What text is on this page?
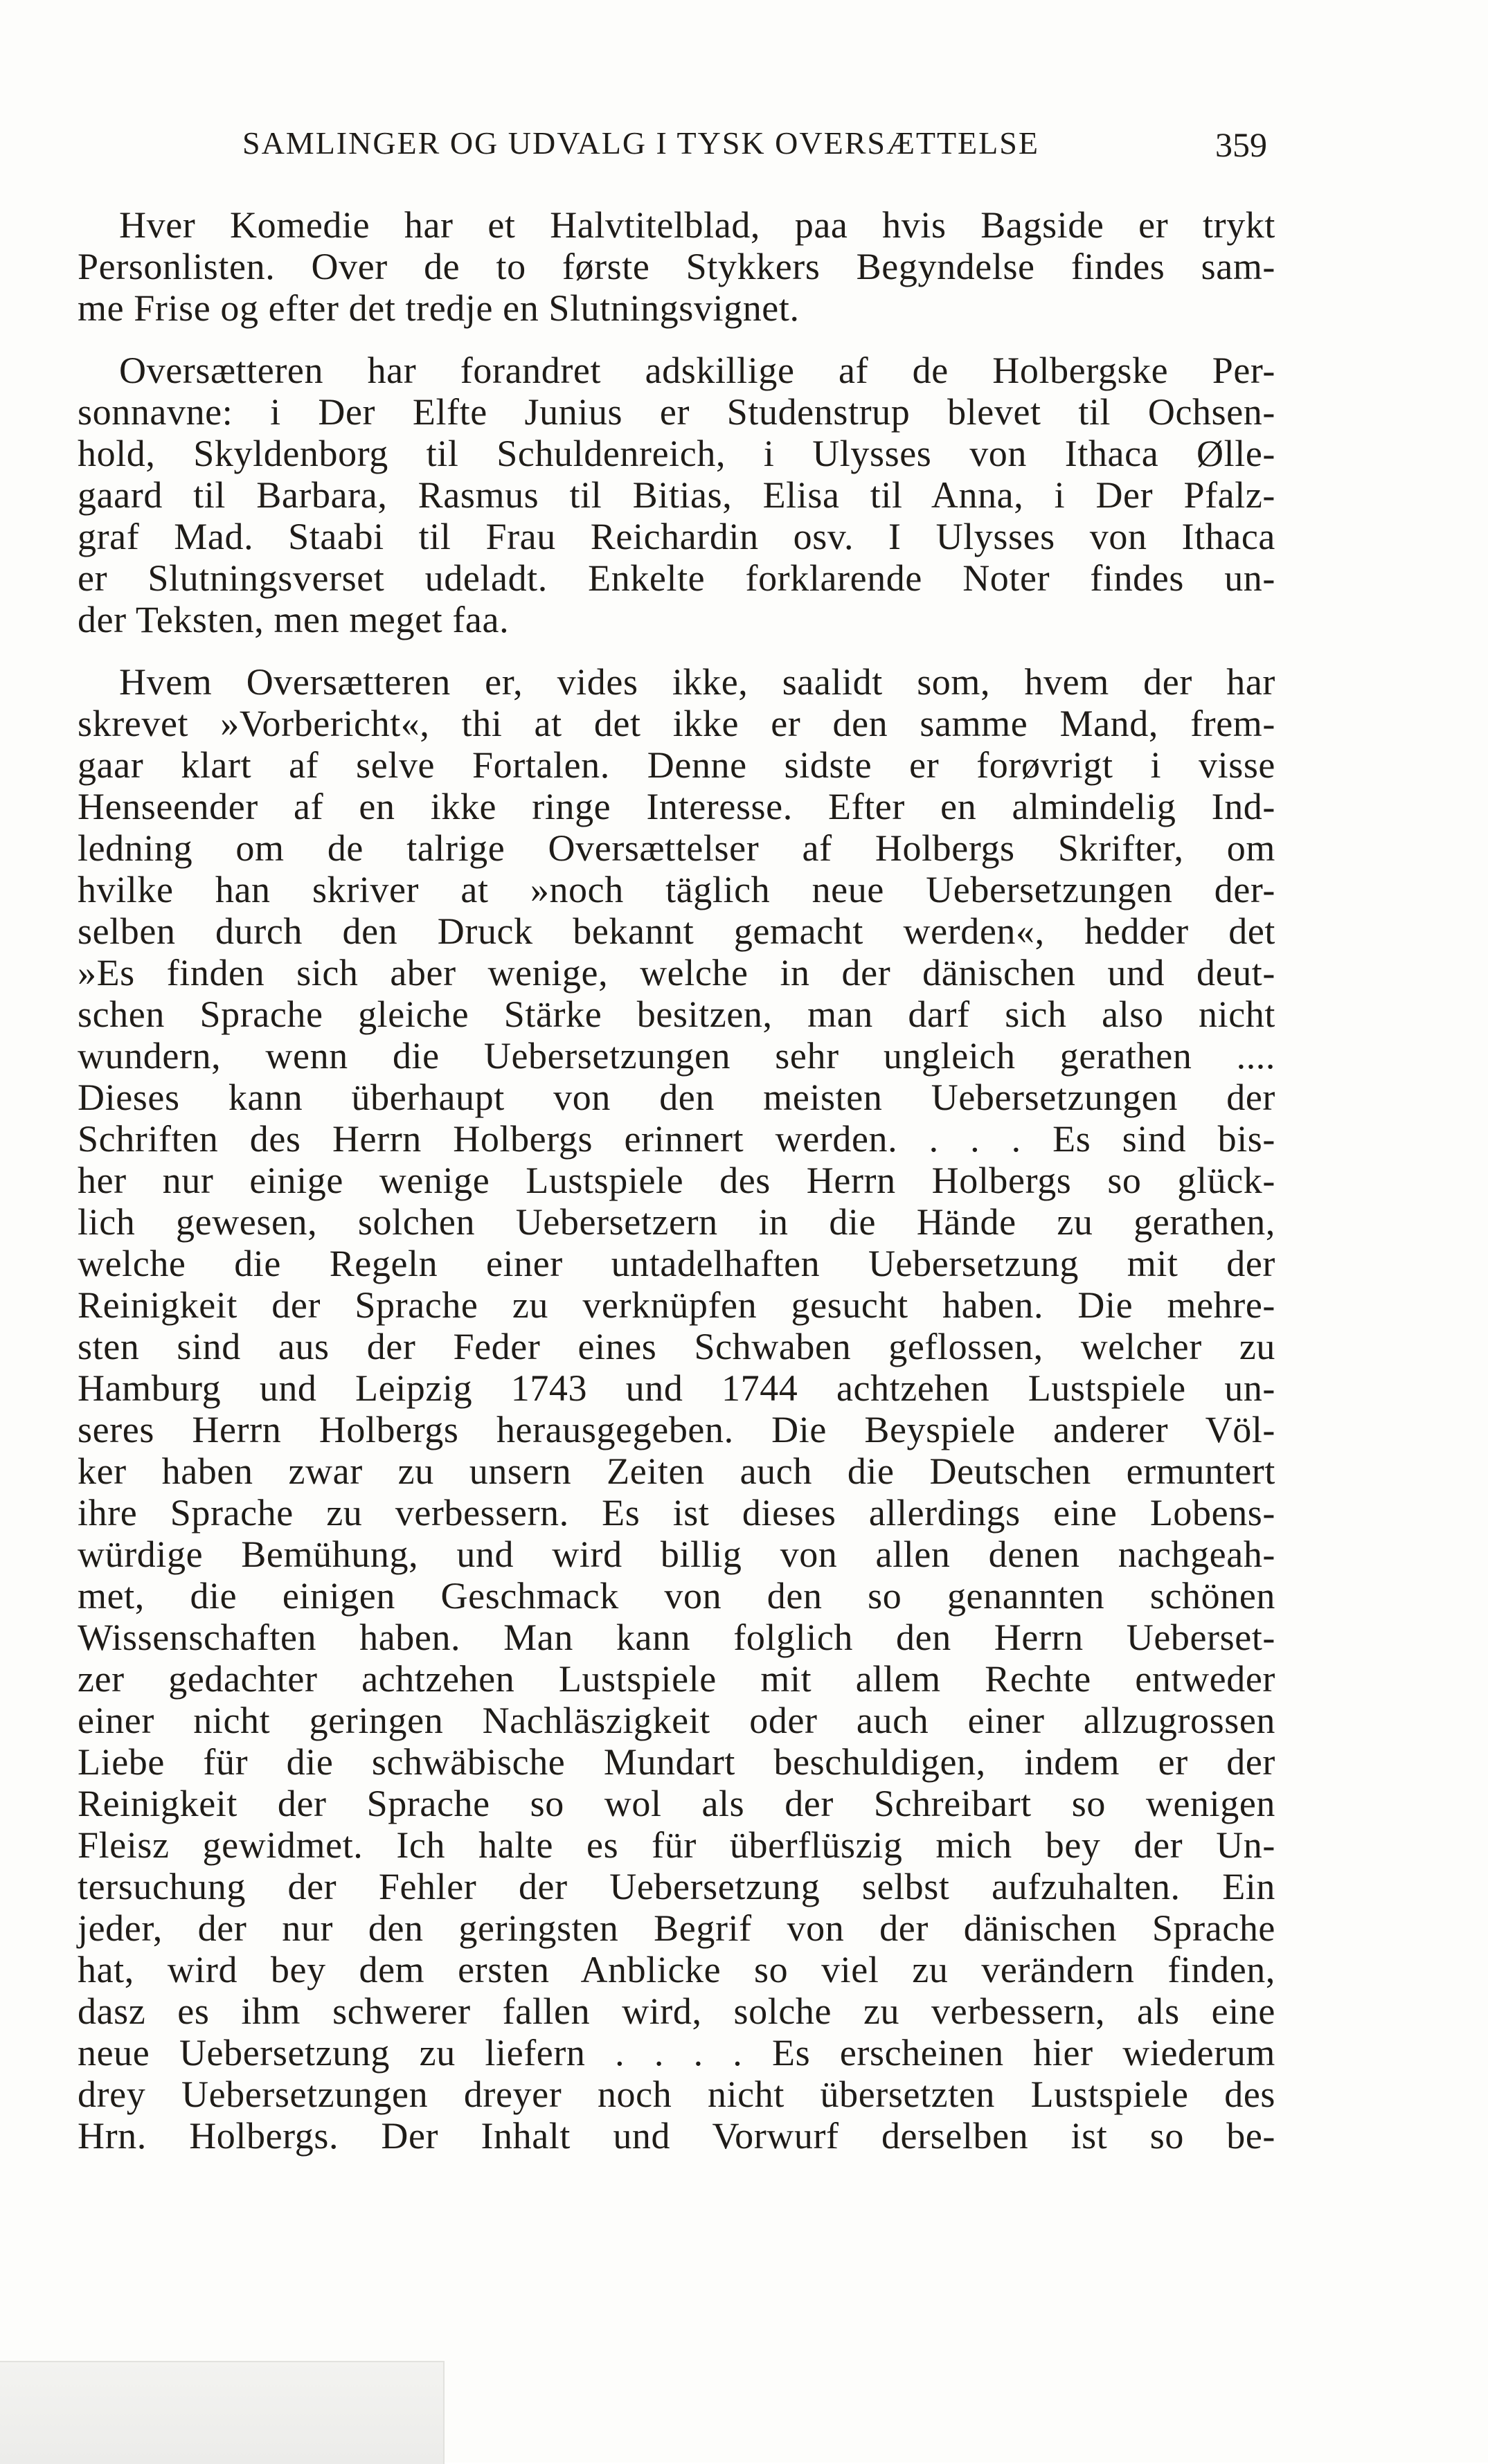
SAMLINGER OG UDVALG I TYSK OVERSÆTTELSE	359
Hver Komedie har et Halvtitelblad, paa hvis Bagside er trykt
Personlisten. Over de to første Stykkers Begyndelse findes sam-
me Frise og efter det tredje en Slutningsvignet.
Oversætteren har forandret adskillige af de Holbergske Per-
sonnavne: i Der Elfte Junius er Studenstrup blevet til Ochsen-
hold, Skyldenborg til Schuldenreich, i Ulysses von Ithaca Ølle-
gaard til Barbara, Rasmus til Bitias, Elisa til Anna, i Der Pfalz-
graf Mad. Staabi til Frau Reichardin osv. I Ulysses von Ithaca
er Slutningsverset udeladt. Enkelte forklarende Noter findes un-
der Teksten, men meget faa.
Hvem Oversætteren er, vides ikke, saalidt som, hvem der har
skrevet »Vorbericht«, thi at det ikke er den samme Mand, frem-
gaar klart af selve Fortalen. Denne sidste er forøvrigt i visse
Henseender af en ikke ringe Interesse. Efter en almindelig Ind-
ledning om de talrige Oversættelser af Holbergs Skrifter, om
hvilke han skriver at »noch täglich neue Uebersetzungen der-
selben durch den Druck bekannt gemacht werden«, hedder det
»Es finden sich aber wenige, welche in der dänischen und deut-
schen Sprache gleiche Stärke besitzen, man darf sich also nicht
wundern, wenn die Uebersetzungen sehr ungleich gerathen ....
Dieses kann überhaupt von den meisten Uebersetzungen der
Schriften des Herrn Holbergs erinnert werden. . . . Es sind bis-
her nur einige wenige Lustspiele des Herrn Holbergs so glück-
lich gewesen, solchen Uebersetzern in die Hände zu gerathen,
welche die Regeln einer untadelhaften Uebersetzung mit der
Reinigkeit der Sprache zu verknüpfen gesucht haben. Die mehre-
sten sind aus der Feder eines Schwaben geflossen, welcher zu
Hamburg und Leipzig 1743 und 1744 achtzehen Lustspiele un-
seres Herrn Holbergs herausgegeben. Die Beyspiele anderer Völ-
ker haben zwar zu unsern Zeiten auch die Deutschen ermuntert
ihre Sprache zu verbessern. Es ist dieses allerdings eine Lobens-
würdige Bemühung, und wird billig von allen denen nachgeah-
met, die einigen Geschmack von den so genannten schönen
Wissenschaften haben. Man kann folglich den Herrn Ueberset-
zer gedachter achtzehen Lustspiele mit allem Rechte entweder
einer nicht geringen Nachläszigkeit oder auch einer allzugrossen
Liebe für die schwäbische Mundart beschuldigen, indem er der
Reinigkeit der Sprache so wol als der Schreibart so wenigen
Fleisz gewidmet. Ich halte es für überflüszig mich bey der Un-
tersuchung der Fehler der Uebersetzung selbst aufzuhalten. Ein
jeder, der nur den geringsten Begrif von der dänischen Sprache
hat, wird bey dem ersten Anblicke so viel zu verändern finden,
dasz es ihm schwerer fallen wird, solche zu verbessern, als eine
neue Uebersetzung zu liefern . . . . Es erscheinen hier wiederum
drey Uebersetzungen dreyer noch nicht übersetzten Lustspiele des
Hrn. Holbergs. Der Inhalt und Vorwurf derselben ist so be-
